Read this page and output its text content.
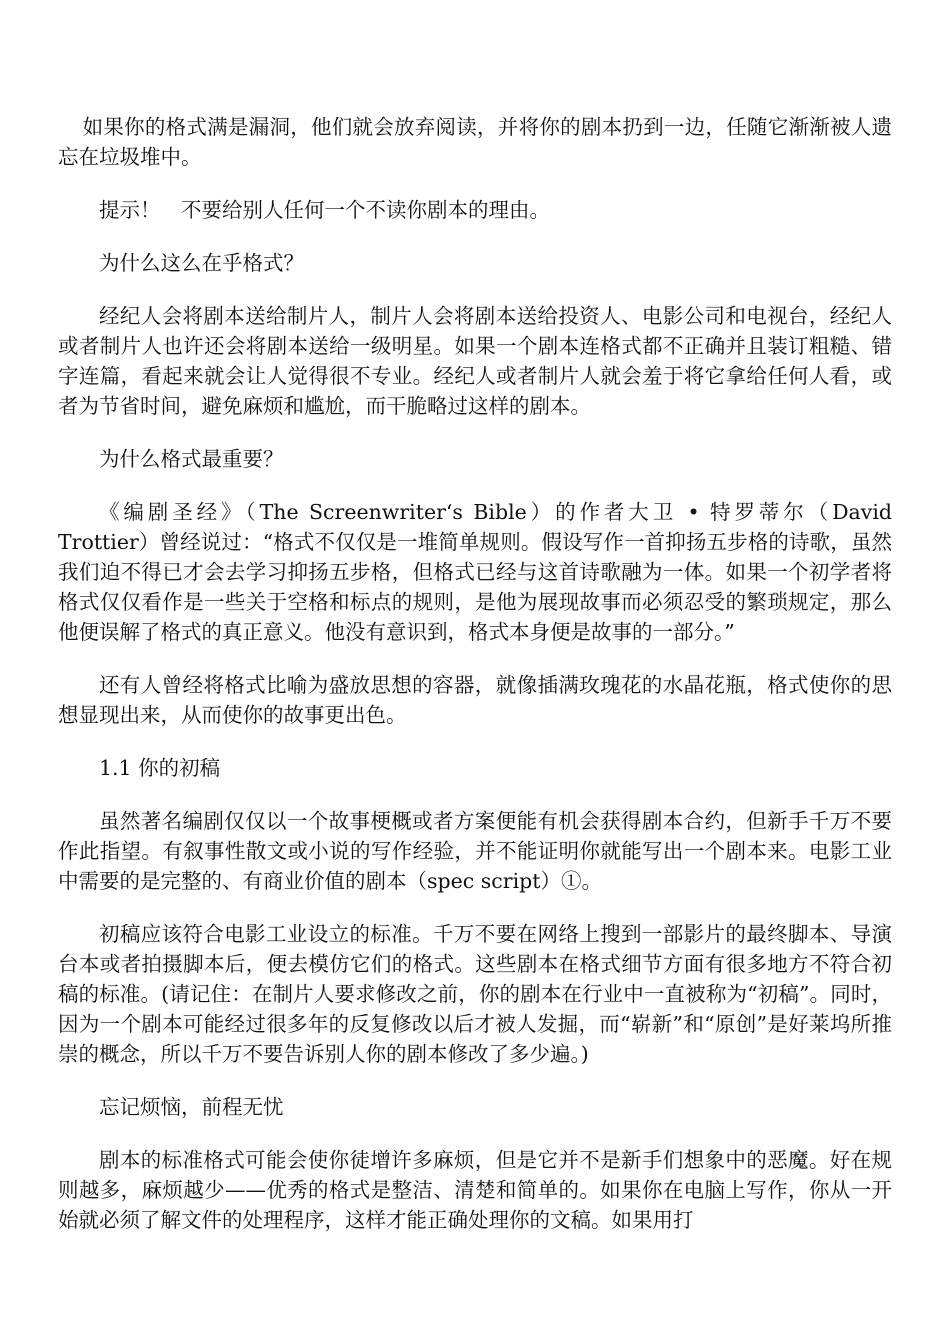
如果你的格式满是漏洞，他们就会放弃阅读，并将你的剧本扔到一边，任随它渐渐被人遗忘在垃圾堆中。

提示！　不要给别人任何一个不读你剧本的理由。

为什么这么在乎格式？

经纪人会将剧本送给制片人，制片人会将剧本送给投资人、电影公司和电视台，经纪人或者制片人也许还会将剧本送给一级明星。如果一个剧本连格式都不正确并且装订粗糙、错字连篇，看起来就会让人觉得很不专业。经纪人或者制片人就会羞于将它拿给任何人看，或者为节省时间，避免麻烦和尴尬，而干脆略过这样的剧本。

为什么格式最重要？

《编剧圣经》（The Screenwriter‘s Bible）的作者大卫 • 特罗蒂尔（David Trottier）曾经说过：“格式不仅仅是一堆简单规则。假设写作一首抑扬五步格的诗歌，虽然我们迫不得已才会去学习抑扬五步格，但格式已经与这首诗歌融为一体。如果一个初学者将格式仅仅看作是一些关于空格和标点的规则，是他为展现故事而必须忍受的繁琐规定，那么他便误解了格式的真正意义。他没有意识到，格式本身便是故事的一部分。”

还有人曾经将格式比喻为盛放思想的容器，就像插满玫瑰花的水晶花瓶，格式使你的思想显现出来，从而使你的故事更出色。

1.1 你的初稿

虽然著名编剧仅仅以一个故事梗概或者方案便能有机会获得剧本合约，但新手千万不要作此指望。有叙事性散文或小说的写作经验，并不能证明你就能写出一个剧本来。电影工业中需要的是完整的、有商业价值的剧本（spec script）①。

初稿应该符合电影工业设立的标准。千万不要在网络上搜到一部影片的最终脚本、导演台本或者拍摄脚本后，便去模仿它们的格式。这些剧本在格式细节方面有很多地方不符合初稿的标准。(请记住：在制片人要求修改之前，你的剧本在行业中一直被称为“初稿”。同时，因为一个剧本可能经过很多年的反复修改以后才被人发掘，而“崭新”和“原创”是好莱坞所推崇的概念，所以千万不要告诉别人你的剧本修改了多少遍。)

忘记烦恼，前程无忧

剧本的标准格式可能会使你徒增许多麻烦，但是它并不是新手们想象中的恶魔。好在规则越多，麻烦越少——优秀的格式是整洁、清楚和简单的。如果你在电脑上写作，你从一开始就必须了解文件的处理程序，这样才能正确处理你的文稿。如果用打
